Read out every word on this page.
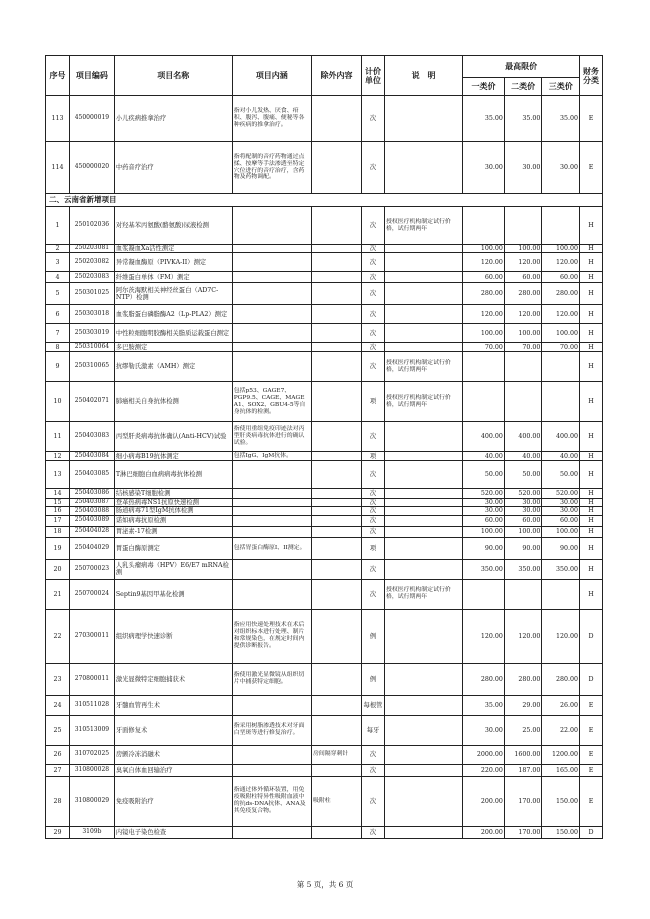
序号	项目编码	项目名称	项目内涵	除外内容	计价单位	说　明	最高限价			财务分类
							一类价	二类价	三类价	
113	450000019	小儿疾病推拿治疗	指对小儿发热、厌食、疳积、腹泻、腹痛、便秘等各种疾病的推拿治疗。		次		35.00	35.00	35.00	E
114	450000020	中药音疗治疗	指将配制的音疗药物通过点揉、按摩等手法渗透至特定穴位进行的音疗治疗，含药物及药物调配。		次		30.00	30.00	30.00	E
二、云南省新增项目										
1	250102036	对羟基苯丙氨酸(酪氨酸)尿液检测			次	授权医疗机构制定试行价格，试行期两年				H
2	250203081	血浆凝血Xa活性测定			次		100.00	100.00	100.00	H
3	250203082	异常凝血酶原（PIVKA-II）测定			次		120.00	120.00	120.00	H
4	250203083	纤维蛋白单体（FM）测定			次		60.00	60.00	60.00	H
5	250301025	阿尔茨海默相关神经丝蛋白（AD7C-NTP）检测			次		280.00	280.00	280.00	H
6	250303018	血浆脂蛋白磷脂酶A2（Lp-PLA2）测定			次		120.00	120.00	120.00	H
7	250303019	中性粒细胞明胶酶相关脂质运载蛋白测定			次		100.00	100.00	100.00	H
8	250310064	多巴胺测定			次		70.00	70.00	70.00	H
9	250310065	抗缪勒氏激素（AMH）测定			次	授权医疗机构制定试行价格，试行期两年				H
10	250402071	肺癌相关自身抗体检测	包括p53、GAGE7、PGP9.5、CAGE、MAGE A1、SOX2、GBU4-5等自身抗体的检测。		项	授权医疗机构制定试行价格，试行期两年				H
11	250403083	丙型肝炎病毒抗体确认(Anti-HCV)试验	指使用重组免疫印迹法对丙型肝炎病毒抗体进行的确认试验。		次		400.00	400.00	400.00	H
12	250403084	细小病毒B19抗体测定	包括IgG、IgM抗体。		项		40.00	40.00	40.00	H
13	250403085	T淋巴细胞白血病病毒抗体检测			次		50.00	50.00	50.00	H
14	250403086	结核感染T细胞检测			次		520.00	520.00	520.00	H
15	250403087	登革热病毒NS1抗原快速检测			次		30.00	30.00	30.00	H
16	250403088	肠道病毒71型IgM抗体检测			次		30.00	30.00	30.00	H
17	250403089	诺如病毒抗原检测			次		60.00	60.00	60.00	H
18	250404028	胃泌素-17检测			次		100.00	100.00	100.00	H
19	250404029	胃蛋白酶原测定	包括胃蛋白酶原I、II测定。		项		90.00	90.00	90.00	H
20	250700023	人乳头瘤病毒（HPV）E6/E7 mRNA检测			次		350.00	350.00	350.00	H
21	250700024	Septin9基因甲基化检测			次	授权医疗机构制定试行价格，试行期两年				H
22	270300011	组织病理学快速诊断	指应用快速处理技术在术后对组织标本进行处理、制片和常规染色，在规定时间内提供诊断报告。		例		120.00	120.00	120.00	D
23	270800011	激光显微特定细胞捕获术	指使用激光显微镜从组织切片中捕获特定细胞。		例		280.00	280.00	280.00	D
24	310511028	牙髓血管再生术			每根管		35.00	29.00	26.00	E
25	310513009	牙面修复术	指采用树脂渗透技术对牙面白垩斑等进行修复治疗。		每牙		30.00	25.00	22.00	E
26	310702025	房颤冷冻消融术		房间隔穿刺针	次		2000.00	1600.00	1200.00	E
27	310800028	臭氧自体血回输治疗			次		220.00	187.00	165.00	E
28	310800029	免疫吸附治疗	指通过体外循环装置，用免疫吸附柱特异性吸附血液中的抗ds-DNA抗体、ANA及其免疫复合物。	吸附柱	次		200.00	170.00	150.00	E
29	3109b	内镜电子染色检查			次		200.00	170.00	150.00	D
第 5 页，共 6 页
